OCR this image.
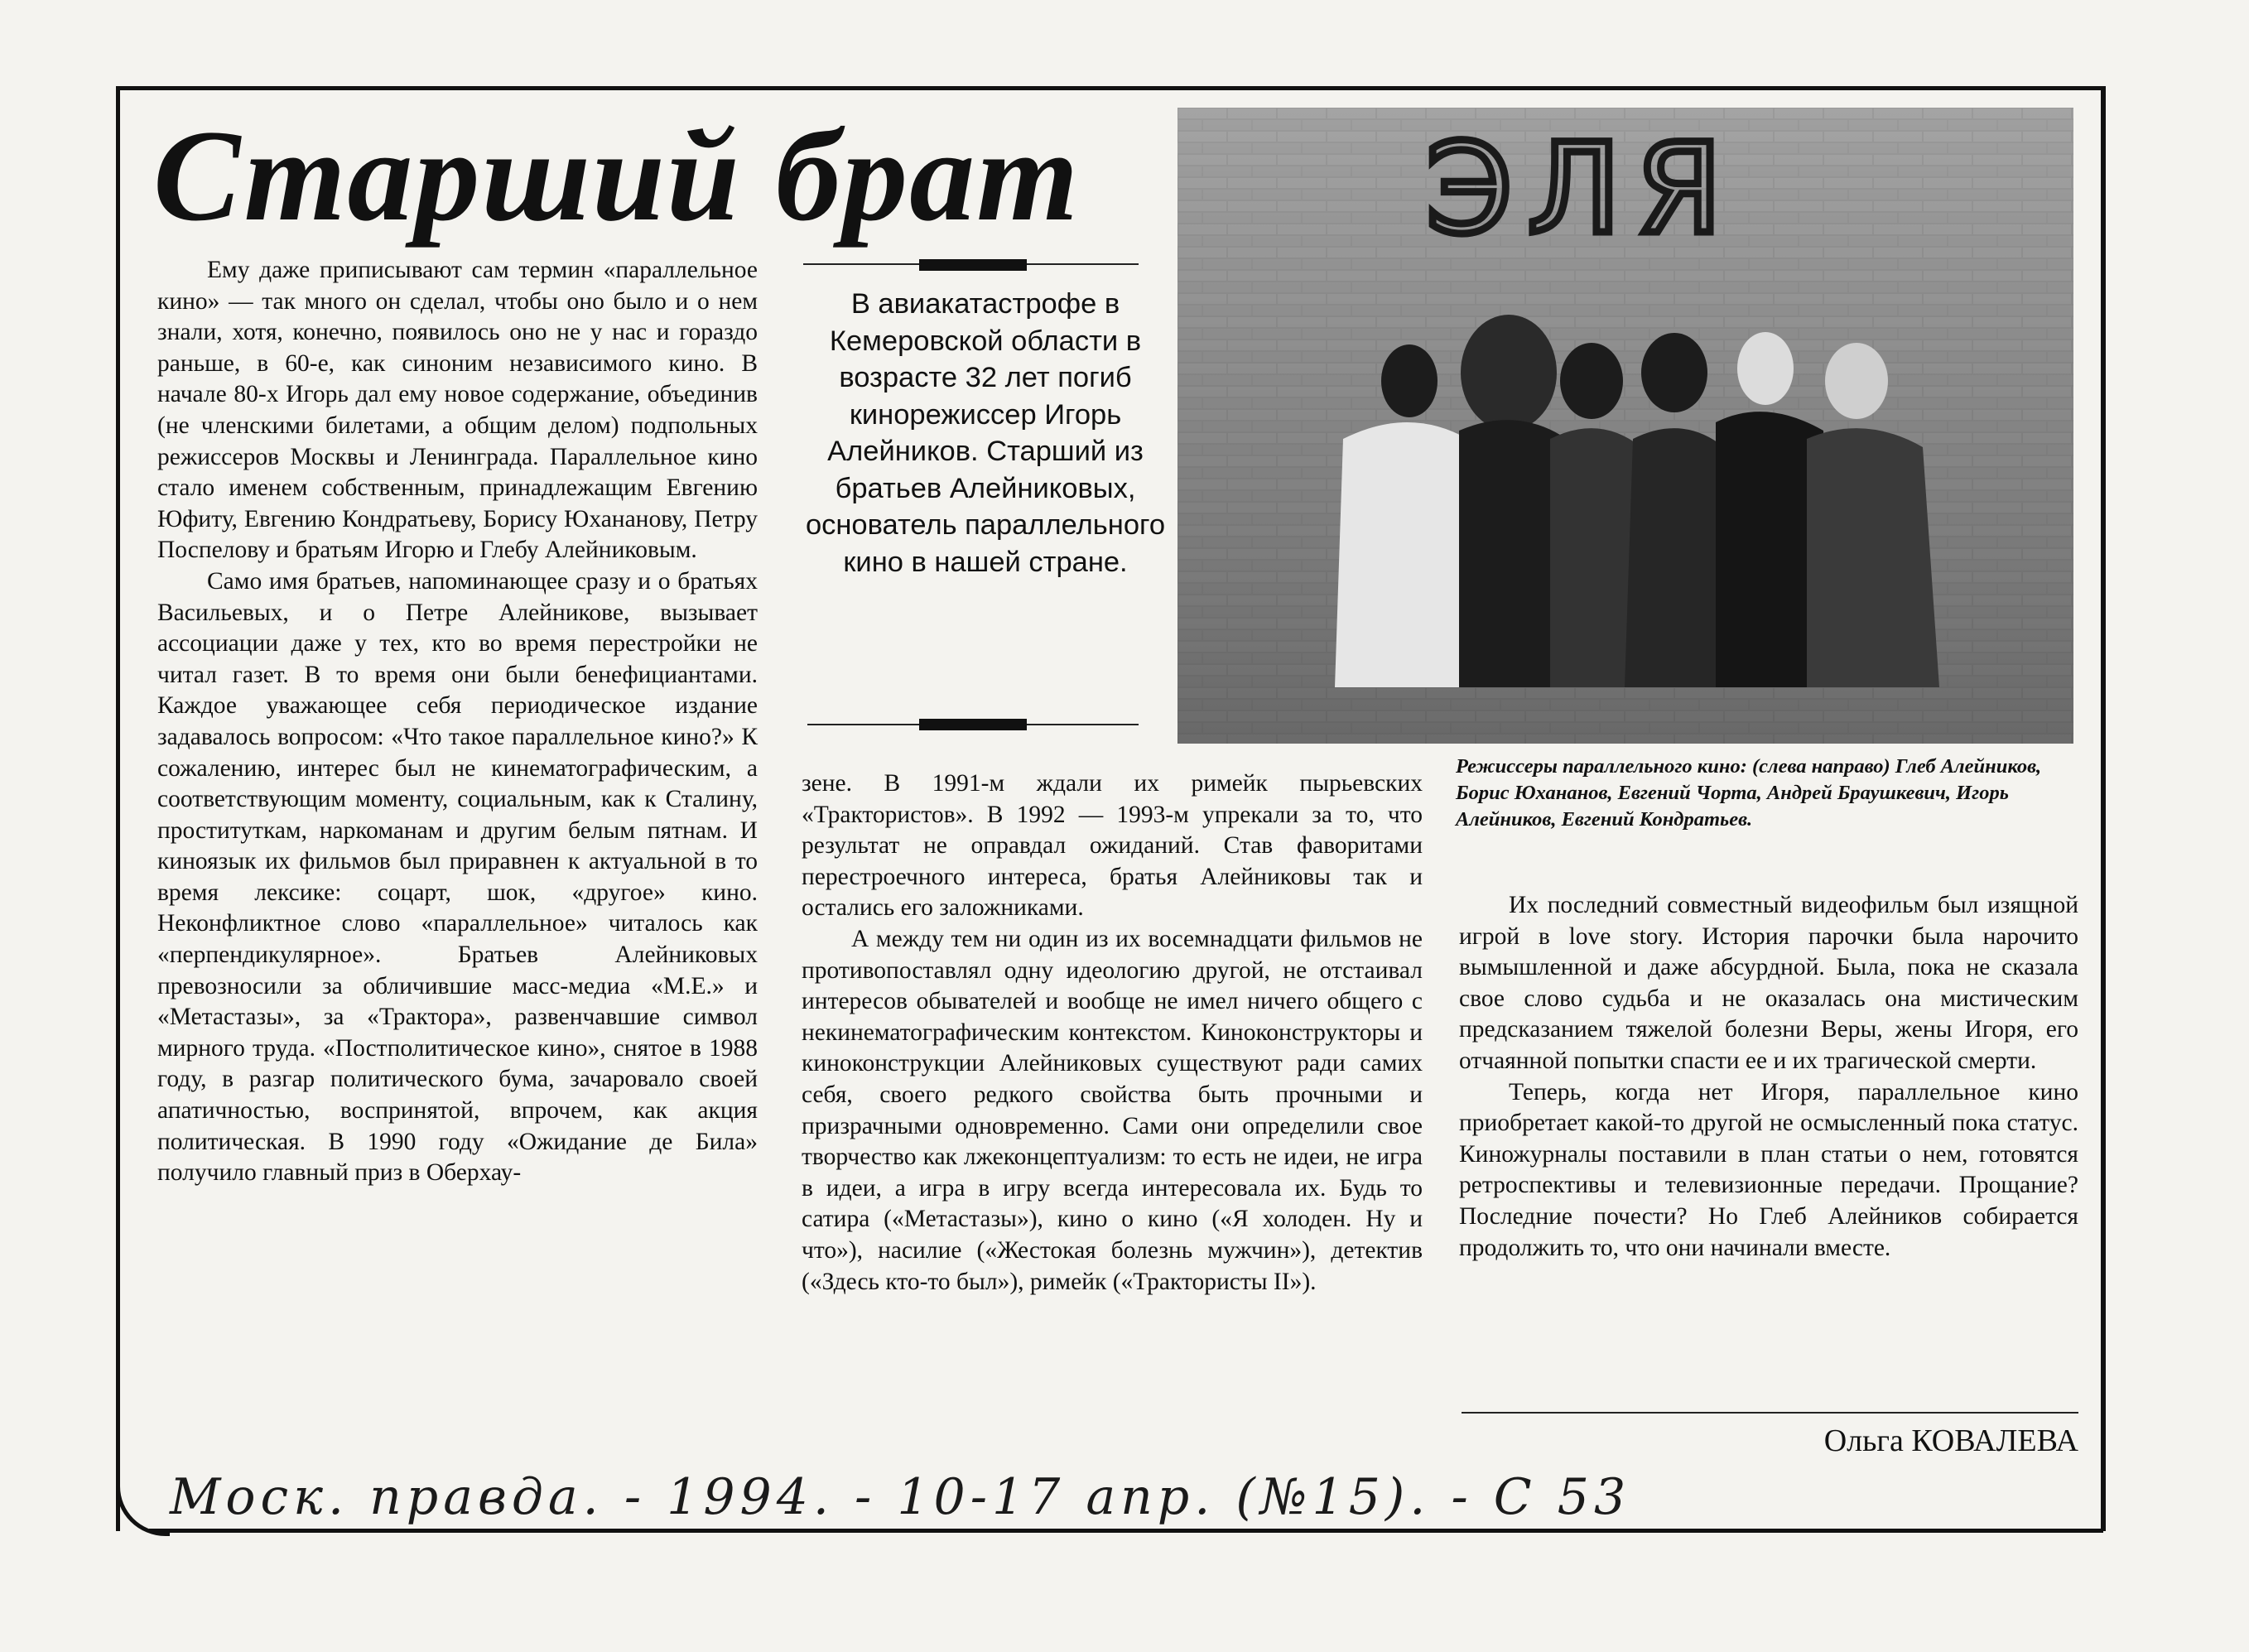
Старший брат

Ему даже приписывают сам термин «параллельное кино» — так много он сделал, чтобы оно было и о нем знали, хотя, конечно, появилось оно не у нас и гораздо раньше, в 60-е, как синоним независимого кино. В начале 80-х Игорь дал ему новое содержание, объединив (не членскими билетами, а общим делом) подпольных режиссеров Москвы и Ленинграда. Параллельное кино стало именем собственным, принадлежащим Евгению Юфиту, Евгению Кондратьеву, Борису Юхананову, Петру Поспелову и братьям Игорю и Глебу Алейниковым.

Само имя братьев, напоминающее сразу и о братьях Васильевых, и о Петре Алейникове, вызывает ассоциации даже у тех, кто во время перестройки не читал газет. В то время они были бенефициантами. Каждое уважающее себя периодическое издание задавалось вопросом: «Что такое параллельное кино?» К сожалению, интерес был не кинематографическим, а соответствующим моменту, социальным, как к Сталину, проституткам, наркоманам и другим белым пятнам. И киноязык их фильмов был приравнен к актуальной в то время лексике: соцарт, шок, «другое» кино. Неконфликтное слово «параллельное» читалось как «перпендикулярное». Братьев Алейниковых превозносили за обличившие масс-медиа «М.Е.» и «Метастазы», за «Трактора», развенчавшие символ мирного труда. «Постполитическое кино», снятое в 1988 году, в разгар политического бума, зачаровало своей апатичностью, воспринятой, впрочем, как акция политическая. В 1990 году «Ожидание де Била» получило главный приз в Оберхау-

В авиакатастрофе в Кемеровской области в возрасте 32 лет погиб кинорежиссер Игорь Алейников. Старший из братьев Алейниковых, основатель параллельного кино в нашей стране.

ЭЛЯ

Режиссеры параллельного кино: (слева направо) Глеб Алейников, Борис Юхананов, Евгений Чорта, Андрей Браушкевич, Игорь Алейников, Евгений Кондратьев.

зене. В 1991-м ждали их римейк пырьевских «Трактористов». В 1992 — 1993-м упрекали за то, что результат не оправдал ожиданий. Став фаворитами перестроечного интереса, братья Алейниковы так и остались его заложниками.

А между тем ни один из их восемнадцати фильмов не противопоставлял одну идеологию другой, не отстаивал интересов обывателей и вообще не имел ничего общего с некинематографическим контекстом. Киноконструкторы и киноконструкции Алейниковых существуют ради самих себя, своего редкого свойства быть прочными и призрачными одновременно. Сами они определили свое творчество как лжеконцептуализм: то есть не идеи, не игра в идеи, а игра в игру всегда интересовала их. Будь то сатира («Метастазы»), кино о кино («Я холоден. Ну и что»), насилие («Жестокая болезнь мужчин»), детектив («Здесь кто-то был»), римейк («Трактористы II»).

Их последний совместный видеофильм был изящной игрой в love story. История парочки была нарочито вымышленной и даже абсурдной. Была, пока не сказала свое слово судьба и не оказалась она мистическим предсказанием тяжелой болезни Веры, жены Игоря, его отчаянной попытки спасти ее и их трагической смерти.

Теперь, когда нет Игоря, параллельное кино приобретает какой-то другой не осмысленный пока статус. Киножурналы поставили в план статьи о нем, готовятся ретроспективы и телевизионные передачи. Прощание? Последние почести? Но Глеб Алейников собирается продолжить то, что они начинали вместе.

Ольга КОВАЛЕВА

Моск. правда. - 1994. - 10-17 апр. (№15). - С 53
